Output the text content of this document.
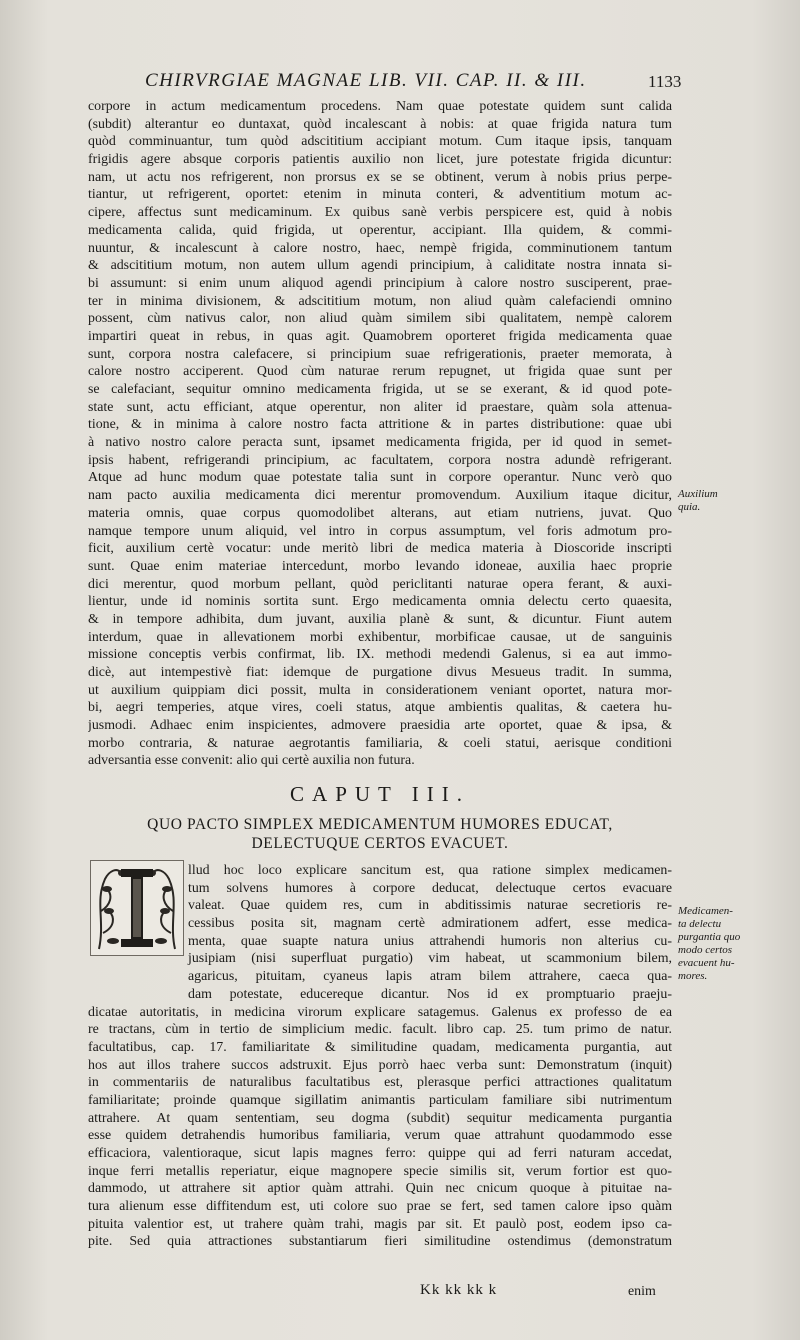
CHIRVRGIAE MAGNAE LIB. VII. CAP. II. & III.	1133
corpore in actum medicamentum procedens. Nam quae potestate quidem sunt calida
(subdit) alterantur eo duntaxat, quòd incalescant à nobis: at quae frigida natura tum
quòd comminuantur, tum quòd adscititium accipiant motum. Cum itaque ipsis, tanquam
frigidis agere absque corporis patientis auxilio non licet, jure potestate frigida dicuntur:
nam, ut actu nos refrigerent, non prorsus ex se se obtinent, verum à nobis prius perpe-
tiantur, ut refrigerent, oportet: etenim in minuta conteri, & adventitium motum ac-
cipere, affectus sunt medicaminum. Ex quibus sanè verbis perspicere est, quid à nobis
medicamenta calida, quid frigida, ut operentur, accipiant. Illa quidem, & commi-
nuuntur, & incalescunt à calore nostro, haec, nempè frigida, comminutionem tantum
& adscititium motum, non autem ullum agendi principium, à caliditate nostra innata si-
bi assumunt: si enim unum aliquod agendi principium à calore nostro susciperent, prae-
ter in minima divisionem, & adscititium motum, non aliud quàm calefaciendi omnino
possent, cùm nativus calor, non aliud quàm similem sibi qualitatem, nempè calorem
impartiri queat in rebus, in quas agit. Quamobrem oporteret frigida medicamenta quae
sunt, corpora nostra calefacere, si principium suae refrigerationis, praeter memorata, à
calore nostro acciperent. Quod cùm naturae rerum repugnet, ut frigida quae sunt per
se calefaciant, sequitur omnino medicamenta frigida, ut se se exerant, & id quod pote-
state sunt, actu efficiant, atque operentur, non aliter id praestare, quàm sola attenua-
tione, & in minima à calore nostro facta attritione & in partes distributione: quae ubi
à nativo nostro calore peracta sunt, ipsamet medicamenta frigida, per id quod in semet-
ipsis habent, refrigerandi principium, ac facultatem, corpora nostra adundè refrigerant.
Atque ad hunc modum quae potestate talia sunt in corpore operantur. Nunc verò quo
nam pacto auxilia medicamenta dici merentur promovendum. Auxilium itaque dicitur,
materia omnis, quae corpus quomodolibet alterans, aut etiam nutriens, juvat. Quo
namque tempore unum aliquid, vel intro in corpus assumptum, vel foris admotum pro-
ficit, auxilium certè vocatur: unde meritò libri de medica materia à Dioscoride inscripti
sunt. Quae enim materiae intercedunt, morbo levando idoneae, auxilia haec proprie
dici merentur, quod morbum pellant, quòd periclitanti naturae opera ferant, & auxi-
lientur, unde id nominis sortita sunt. Ergo medicamenta omnia delectu certo quaesita,
& in tempore adhibita, dum juvant, auxilia planè & sunt, & dicuntur. Fiunt autem
interdum, quae in allevationem morbi exhibentur, morbificae causae, ut de sanguinis
missione conceptis verbis confirmat, lib. IX. methodi medendi Galenus, si ea aut immo-
dicè, aut intempestivè fiat: idemque de purgatione divus Mesueus tradit. In summa,
ut auxilium quippiam dici possit, multa in considerationem veniant oportet, natura mor-
bi, aegri temperies, atque vires, coeli status, atque ambientis qualitas, & caetera hu-
jusmodi. Adhaec enim inspicientes, admovere praesidia arte oportet, quae & ipsa, &
morbo contraria, & naturae aegrotantis familiaria, & coeli statui, aerisque conditioni
adversantia esse convenit: alio qui certè auxilia non futura.
Auxilium
quia.
CAPUT III.
QUO PACTO SIMPLEX MEDICAMENTUM HUMORES EDUCAT,
DELECTUQUE CERTOS EVACUET.
llud hoc loco explicare sancitum est, qua ratione simplex medicamen-
tum solvens humores à corpore deducat, delectuque certos evacuare
valeat. Quae quidem res, cum in abditissimis naturae secretioris re-
cessibus posita sit, magnam certè admirationem adfert, esse medica-
menta, quae suapte natura unius attrahendi humoris non alterius cu-
jusipiam (nisi superfluat purgatio) vim habeat, ut scammonium bilem,
agaricus, pituitam, cyaneus lapis atram bilem attrahere, caeca qua-
dam potestate, educereque dicantur. Nos id ex promptuario praeju-
dicatae autoritatis, in medicina virorum explicare satagemus. Galenus ex professo de ea
re tractans, cùm in tertio de simplicium medic. facult. libro cap. 25. tum primo de natur.
facultatibus, cap. 17. familiaritate & similitudine quadam, medicamenta purgantia, aut
hos aut illos trahere succos adstruxit. Ejus porrò haec verba sunt: Demonstratum (inquit)
in commentariis de naturalibus facultatibus est, plerasque perfici attractiones qualitatum
familiaritate; proinde quamque sigillatim animantis particulam familiare sibi nutrimentum
attrahere. At quam sententiam, seu dogma (subdit) sequitur medicamenta purgantia
esse quidem detrahendis humoribus familiaria, verum quae attrahunt quodammodo esse
efficaciora, valentioraque, sicut lapis magnes ferro: quippe qui ad ferri naturam accedat,
inque ferri metallis reperiatur, eique magnopere specie similis sit, verum fortior est quo-
dammodo, ut attrahere sit aptior quàm attrahi. Quin nec cnicum quoque à pituitae na-
tura alienum esse diffitendum est, uti colore suo prae se fert, sed tamen calore ipso quàm
pituita valentior est, ut trahere quàm trahi, magis par sit. Et paulò post, eodem ipso ca-
pite. Sed quia attractiones substantiarum fieri similitudine ostendimus (demonstratum
Medicamen-
ta delectu
purgantia quo
modo certos
evacuent hu-
mores.
Kk kk kk k	enim
